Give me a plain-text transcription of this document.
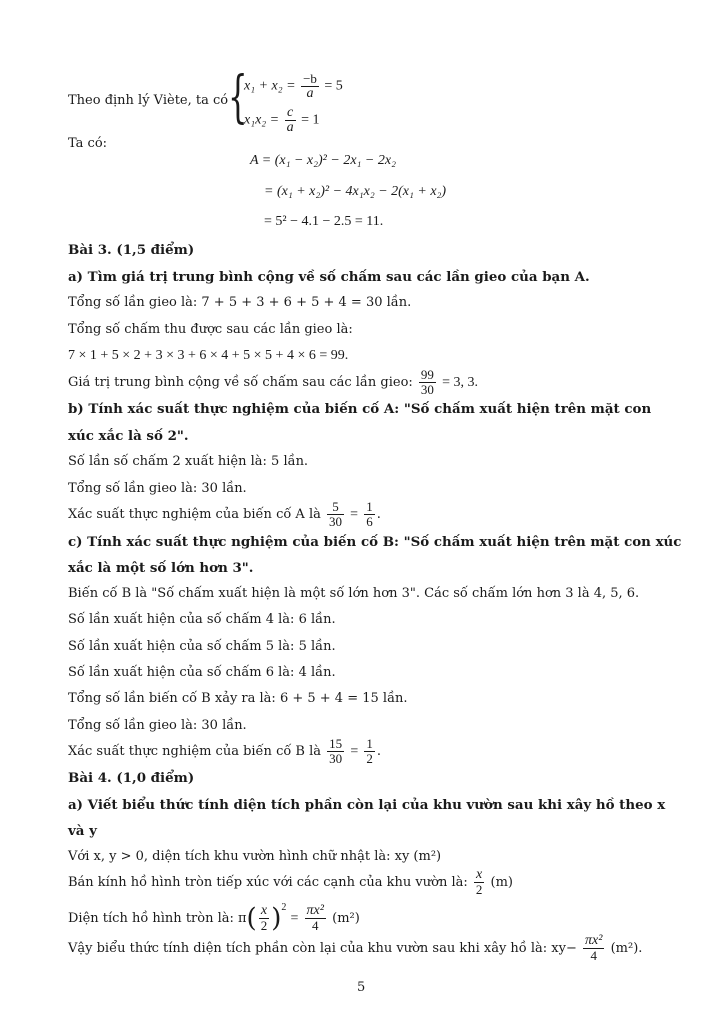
Theo định lý Viète, ta có {
$x_1 + x_2 = \frac{-b}{a} = 5$
$x_1x_2 = \frac{c}{a} = 1$
Ta có:
A = (x₁ − x₂)² − 2x₁ − 2x₂
= (x₁ + x₂)² − 4x₁x₂ − 2(x₁ + x₂)
= 5² − 4.1 − 2.5 = 11.
Bài 3. (1,5 điểm)
a) Tìm giá trị trung bình cộng về số chấm sau các lần gieo của bạn A.
Tổng số lần gieo là: 7 + 5 + 3 + 6 + 5 + 4 = 30 lần.
Tổng số chấm thu được sau các lần gieo là:
7 × 1 + 5 × 2 + 3 × 3 + 6 × 4 + 5 × 5 + 4 × 6 = 99.
Giá trị trung bình cộng về số chấm sau các lần gieo: $\frac{99}{30} = 3$, 3.
b) Tính xác suất thực nghiệm của biến cố A: "Số chấm xuất hiện trên mặt con
xúc xắc là số 2".
Số lần số chấm 2 xuất hiện là: 5 lần.
Tổng số lần gieo là: 30 lần.
Xác suất thực nghiệm của biến cố A là $\frac{5}{30} = \frac{1}{6}$ .
c) Tính xác suất thực nghiệm của biến cố B: "Số chấm xuất hiện trên mặt con xúc
xắc là một số lớn hơn 3".
Biến cố B là "Số chấm xuất hiện là một số lớn hơn 3". Các số chấm lớn hơn 3 là 4, 5, 6.
Số lần xuất hiện của số chấm 4 là: 6 lần.
Số lần xuất hiện của số chấm 5 là: 5 lần.
Số lần xuất hiện của số chấm 6 là: 4 lần.
Tổng số lần biến cố B xảy ra là: 6 + 5 + 4 = 15 lần.
Tổng số lần gieo là: 30 lần.
Xác suất thực nghiệm của biến cố B là $\frac{15}{30} = \frac{1}{2}$ .
Bài 4. (1,0 điểm)
a) Viết biểu thức tính diện tích phần còn lại của khu vườn sau khi xây hồ theo x
và y
Với x, y > 0, diện tích khu vườn hình chữ nhật là: xy (m²)
Bán kính hồ hình tròn tiếp xúc với các cạnh của khu vườn là: $\frac{x}{2} (m)$
Diện tích hồ hình tròn là: $\pi( \frac{x}{2} )^2 = \frac{\text{πx²}}{4} (m^2)$
Vậy biểu thức tính diện tích phần còn lại của khu vườn sau khi xây hồ là: $xy- \frac{\text{πx²}}{4} (m^2)$.
5
